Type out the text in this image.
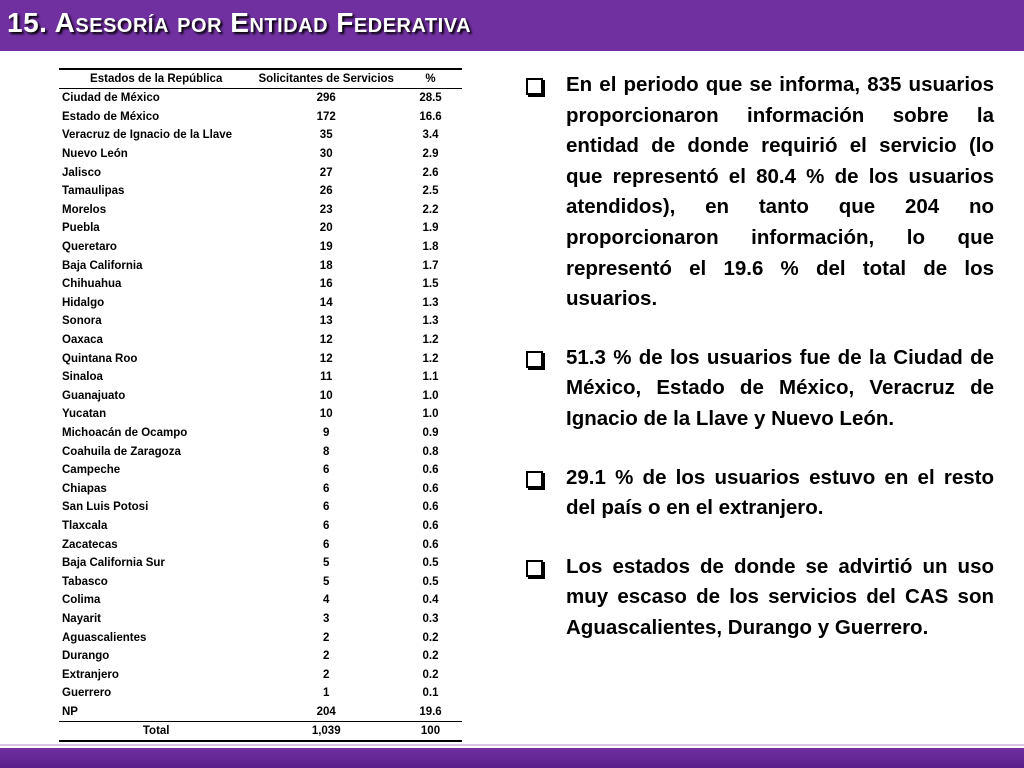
15. Asesoría por Entidad Federativa
Estados de la República	Solicitantes de Servicios	%
Ciudad de México	296	28.5
Estado de México	172	16.6
Veracruz de Ignacio de la Llave	35	3.4
Nuevo León	30	2.9
Jalisco	27	2.6
Tamaulipas	26	2.5
Morelos	23	2.2
Puebla	20	1.9
Queretaro	19	1.8
Baja California	18	1.7
Chihuahua	16	1.5
Hidalgo	14	1.3
Sonora	13	1.3
Oaxaca	12	1.2
Quintana Roo	12	1.2
Sinaloa	11	1.1
Guanajuato	10	1.0
Yucatan	10	1.0
Michoacán de Ocampo	9	0.9
Coahuila de Zaragoza	8	0.8
Campeche	6	0.6
Chiapas	6	0.6
San Luis Potosi	6	0.6
Tlaxcala	6	0.6
Zacatecas	6	0.6
Baja California Sur	5	0.5
Tabasco	5	0.5
Colima	4	0.4
Nayarit	3	0.3
Aguascalientes	2	0.2
Durango	2	0.2
Extranjero	2	0.2
Guerrero	1	0.1
NP	204	19.6
Total	1,039	100
En el periodo que se informa, 835 usuarios proporcionaron información sobre la entidad de donde requirió el servicio (lo que representó el 80.4 % de los usuarios atendidos), en tanto que 204 no proporcionaron información, lo que representó el 19.6 % del total de los usuarios.
51.3 % de los usuarios fue de la Ciudad de México, Estado de México, Veracruz de Ignacio de la Llave y Nuevo León.
29.1 % de los usuarios estuvo en el resto del país o en el extranjero.
Los estados de donde se advirtió un uso muy escaso de los servicios del CAS son Aguascalientes, Durango y Guerrero.
